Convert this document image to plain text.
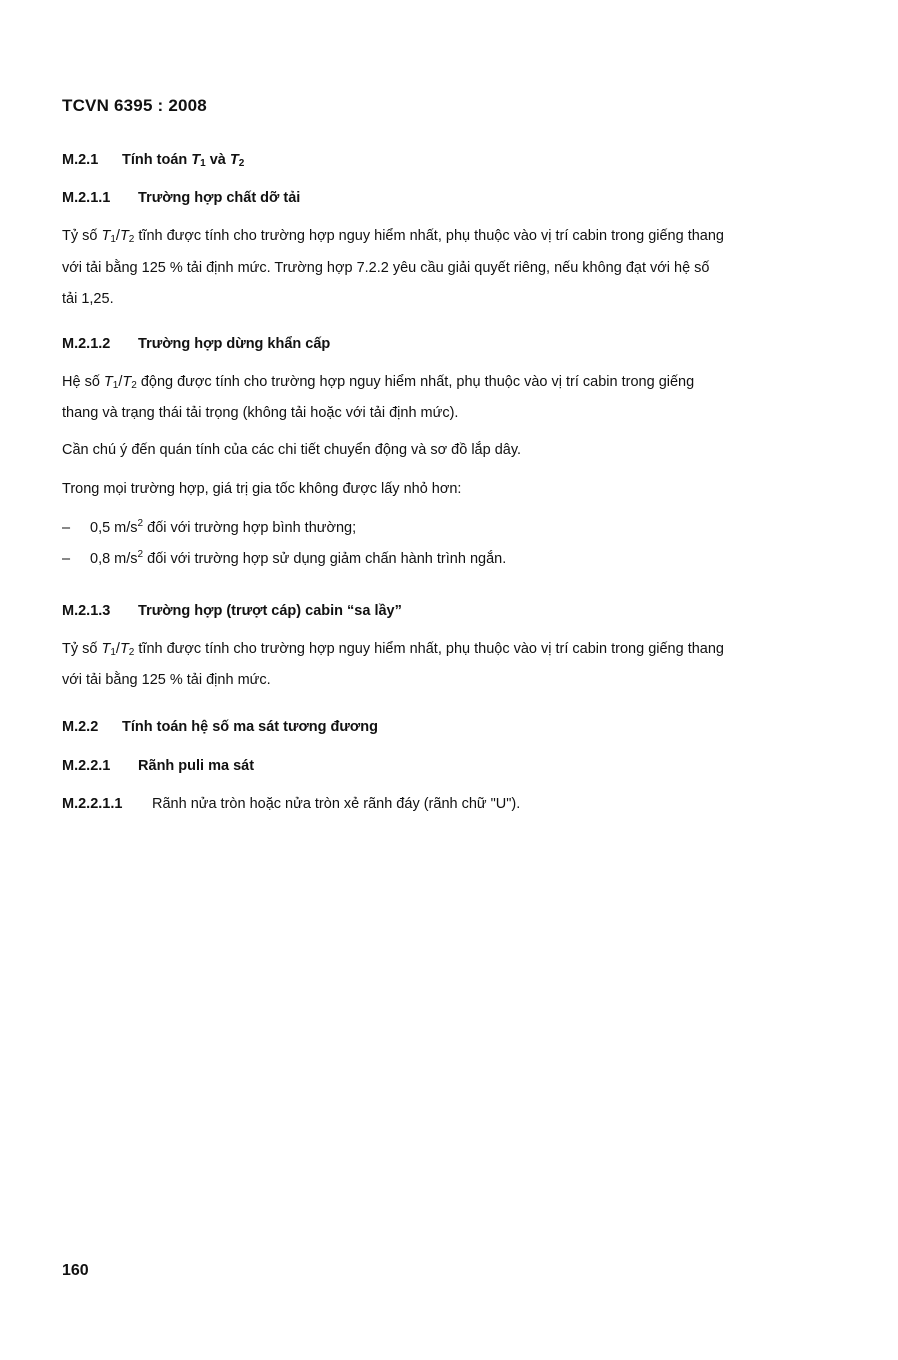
TCVN 6395 : 2008
M.2.1 Tính toán $T_1$ và $T_2$
M.2.1.1 Trường hợp chất dỡ tải
Tỷ số $T_1/T_2$ tĩnh được tính cho trường hợp nguy hiểm nhất, phụ thuộc vào vị trí cabin trong giếng thang
với tải bằng 125 % tải định mức. Trường hợp 7.2.2 yêu cầu giải quyết riêng, nếu không đạt với hệ số
tải 1,25.
M.2.1.2 Trường hợp dừng khẩn cấp
Hệ số $T_1/T_2$ động được tính cho trường hợp nguy hiểm nhất, phụ thuộc vào vị trí cabin trong giếng
thang và trạng thái tải trọng (không tải hoặc với tải định mức).
Cần chú ý đến quán tính của các chi tiết chuyển động và sơ đồ lắp dây.
Trong mọi trường hợp, giá trị gia tốc không được lấy nhỏ hơn:
– 0,5 $m/s^2$ đối với trường hợp bình thường;
– 0,8 $m/s^2$ đối với trường hợp sử dụng giảm chấn hành trình ngắn.
M.2.1.3 Trường hợp (trượt cáp) cabin “sa lầy”
Tỷ số $T_1/T_2$ tĩnh được tính cho trường hợp nguy hiểm nhất, phụ thuộc vào vị trí cabin trong giếng thang
với tải bằng 125 % tải định mức.
M.2.2 Tính toán hệ số ma sát tương đương
M.2.2.1 Rãnh puli ma sát
M.2.2.1.1 Rãnh nửa tròn hoặc nửa tròn xẻ rãnh đáy (rãnh chữ "U").
160
